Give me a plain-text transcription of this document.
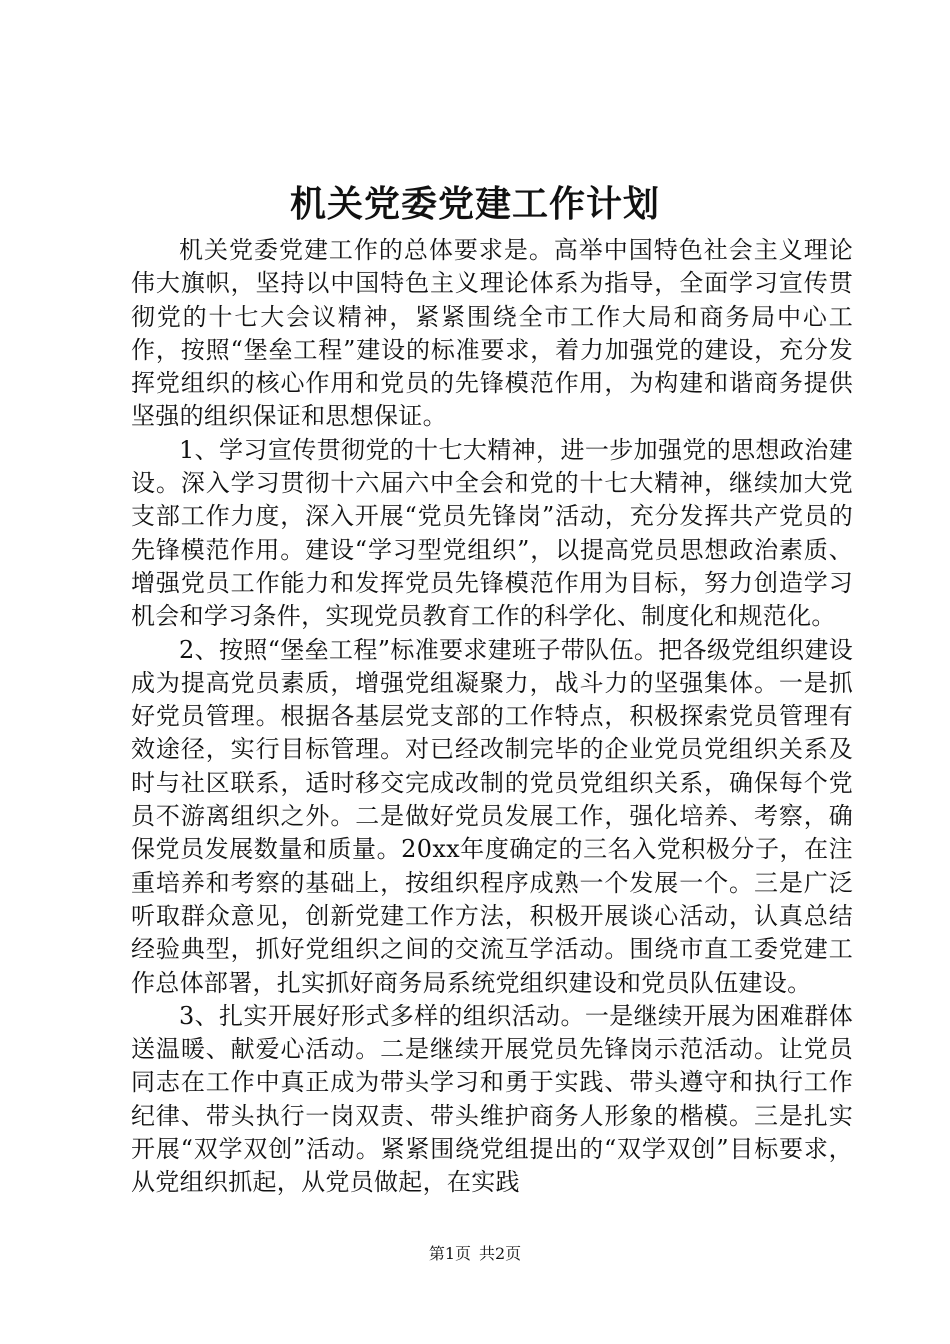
机关党委党建工作计划

机关党委党建工作的总体要求是。高举中国特色社会主义理论伟大旗帜，坚持以中国特色主义理论体系为指导，全面学习宣传贯彻党的十七大会议精神，紧紧围绕全市工作大局和商务局中心工作，按照“堡垒工程”建设的标准要求，着力加强党的建设，充分发挥党组织的核心作用和党员的先锋模范作用，为构建和谐商务提供坚强的组织保证和思想保证。

1、学习宣传贯彻党的十七大精神，进一步加强党的思想政治建设。深入学习贯彻十六届六中全会和党的十七大精神，继续加大党支部工作力度，深入开展“党员先锋岗”活动，充分发挥共产党员的先锋模范作用。建设“学习型党组织”，以提高党员思想政治素质、增强党员工作能力和发挥党员先锋模范作用为目标，努力创造学习机会和学习条件，实现党员教育工作的科学化、制度化和规范化。

2、按照“堡垒工程”标准要求建班子带队伍。把各级党组织建设成为提高党员素质，增强党组凝聚力，战斗力的坚强集体。一是抓好党员管理。根据各基层党支部的工作特点，积极探索党员管理有效途径，实行目标管理。对已经改制完毕的企业党员党组织关系及时与社区联系，适时移交完成改制的党员党组织关系，确保每个党员不游离组织之外。二是做好党员发展工作，强化培养、考察，确保党员发展数量和质量。20xx年度确定的三名入党积极分子，在注重培养和考察的基础上，按组织程序成熟一个发展一个。三是广泛听取群众意见，创新党建工作方法，积极开展谈心活动，认真总结经验典型，抓好党组织之间的交流互学活动。围绕市直工委党建工作总体部署，扎实抓好商务局系统党组织建设和党员队伍建设。

3、扎实开展好形式多样的组织活动。一是继续开展为困难群体送温暖、献爱心活动。二是继续开展党员先锋岗示范活动。让党员同志在工作中真正成为带头学习和勇于实践、带头遵守和执行工作纪律、带头执行一岗双责、带头维护商务人形象的楷模。三是扎实开展“双学双创”活动。紧紧围绕党组提出的“双学双创”目标要求，从党组织抓起，从党员做起，在实践

第1页 共2页
